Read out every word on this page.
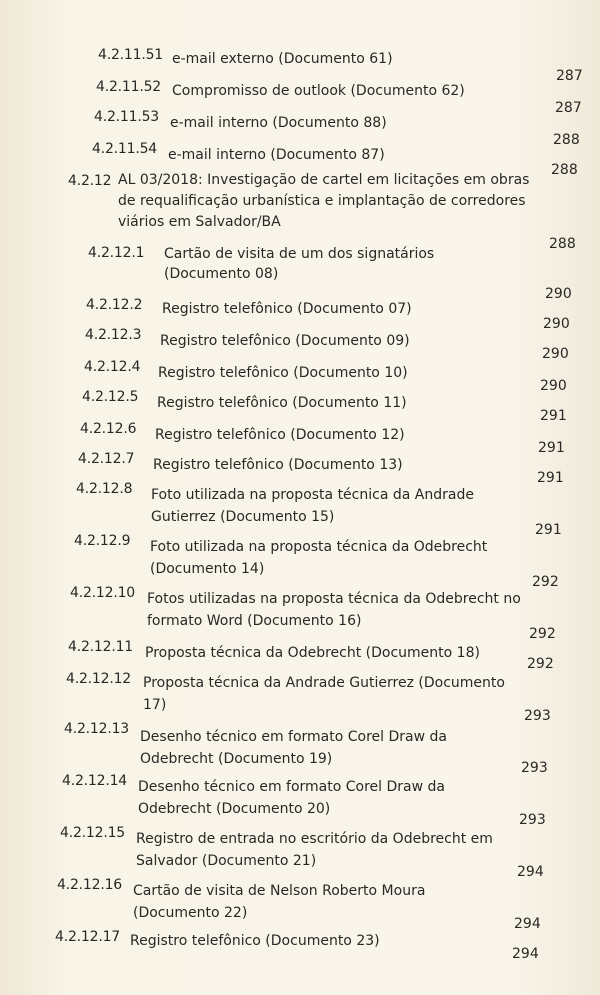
4.2.11.51 e-mail externo (Documento 61)
287
4.2.11.52 Compromisso de outlook (Documento 62)
287
4.2.11.53 e-mail interno (Documento 88)
288
4.2.11.54 e-mail interno (Documento 87)
288
4.2.12 AL 03/2018: Investigação de cartel em licitações em obras de requalificação urbanística e implantação de corredores viários em Salvador/BA
288
4.2.12.1 Cartão de visita de um dos signatários (Documento 08)
290
4.2.12.2 Registro telefônico (Documento 07)
290
4.2.12.3 Registro telefônico (Documento 09)
290
4.2.12.4 Registro telefônico (Documento 10)
290
4.2.12.5 Registro telefônico (Documento 11)
291
4.2.12.6 Registro telefônico (Documento 12)
291
4.2.12.7 Registro telefônico (Documento 13)
291
4.2.12.8 Foto utilizada na proposta técnica da Andrade Gutierrez (Documento 15)
291
4.2.12.9 Foto utilizada na proposta técnica da Odebrecht (Documento 14)
292
4.2.12.10 Fotos utilizadas na proposta técnica da Odebrecht no formato Word (Documento 16)
292
4.2.12.11 Proposta técnica da Odebrecht (Documento 18)
292
4.2.12.12 Proposta técnica da Andrade Gutierrez (Documento 17)
293
4.2.12.13 Desenho técnico em formato Corel Draw da Odebrecht (Documento 19)
293
4.2.12.14 Desenho técnico em formato Corel Draw da Odebrecht (Documento 20)
293
4.2.12.15 Registro de entrada no escritório da Odebrecht em Salvador (Documento 21)
294
4.2.12.16 Cartão de visita de Nelson Roberto Moura (Documento 22)
294
4.2.12.17 Registro telefônico (Documento 23)
294
